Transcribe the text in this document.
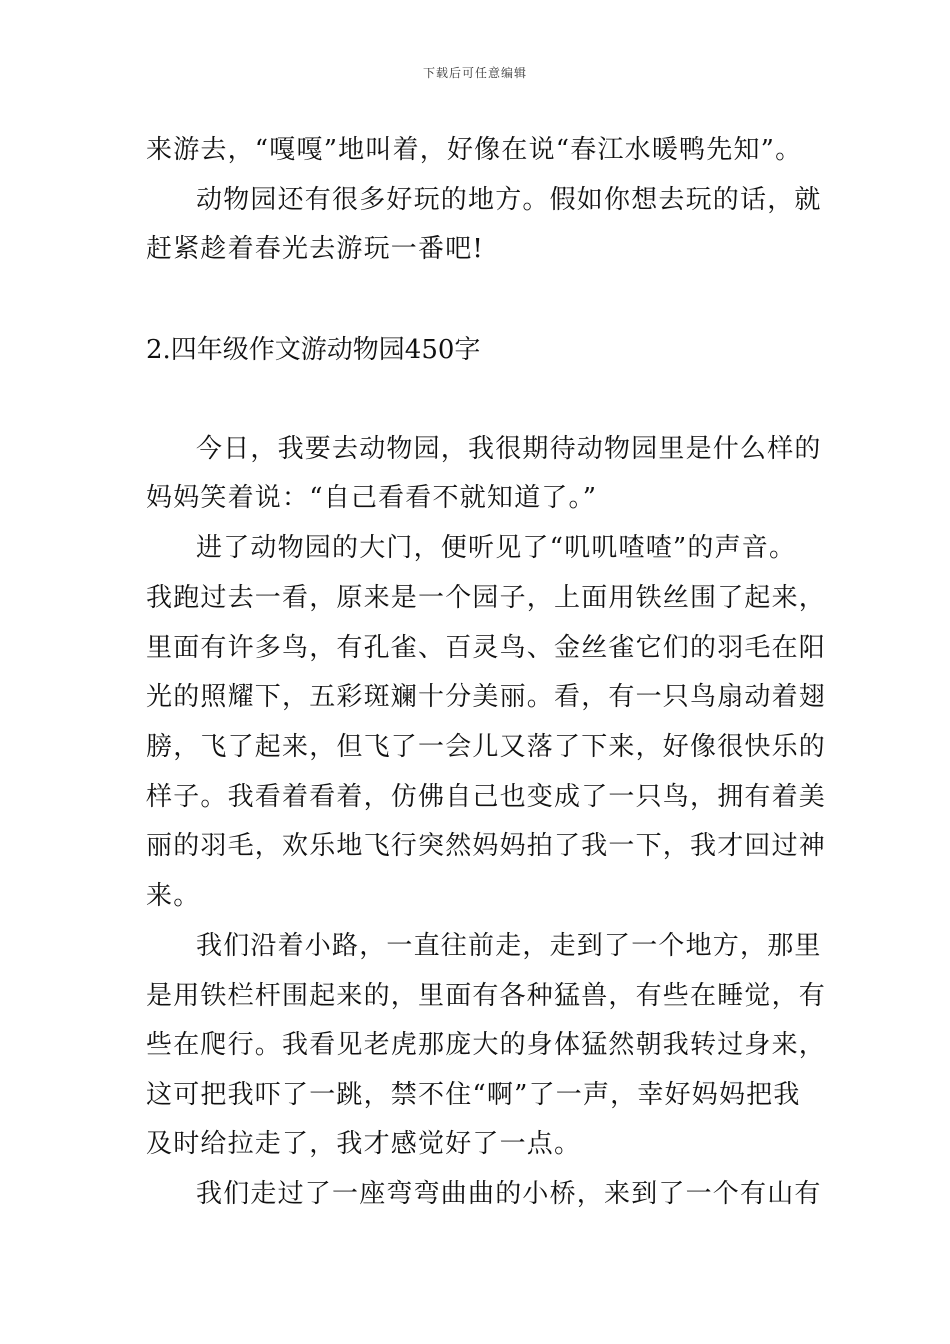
下载后可任意编辑
来游去，“嘎嘎”地叫着，好像在说“春江水暖鸭先知”。
动物园还有很多好玩的地方。假如你想去玩的话，就
赶紧趁着春光去游玩一番吧!
2.四年级作文游动物园450字
今日，我要去动物园，我很期待动物园里是什么样的
妈妈笑着说：“自己看看不就知道了。”
进了动物园的大门，便听见了“叽叽喳喳”的声音。
我跑过去一看，原来是一个园子，上面用铁丝围了起来，
里面有许多鸟，有孔雀、百灵鸟、金丝雀它们的羽毛在阳
光的照耀下，五彩斑斓十分美丽。看，有一只鸟扇动着翅
膀，飞了起来，但飞了一会儿又落了下来，好像很快乐的
样子。我看着看着，仿佛自己也变成了一只鸟，拥有着美
丽的羽毛，欢乐地飞行突然妈妈拍了我一下，我才回过神
来。
我们沿着小路，一直往前走，走到了一个地方，那里
是用铁栏杆围起来的，里面有各种猛兽，有些在睡觉，有
些在爬行。我看见老虎那庞大的身体猛然朝我转过身来，
这可把我吓了一跳，禁不住“啊”了一声，幸好妈妈把我
及时给拉走了，我才感觉好了一点。
我们走过了一座弯弯曲曲的小桥，来到了一个有山有
